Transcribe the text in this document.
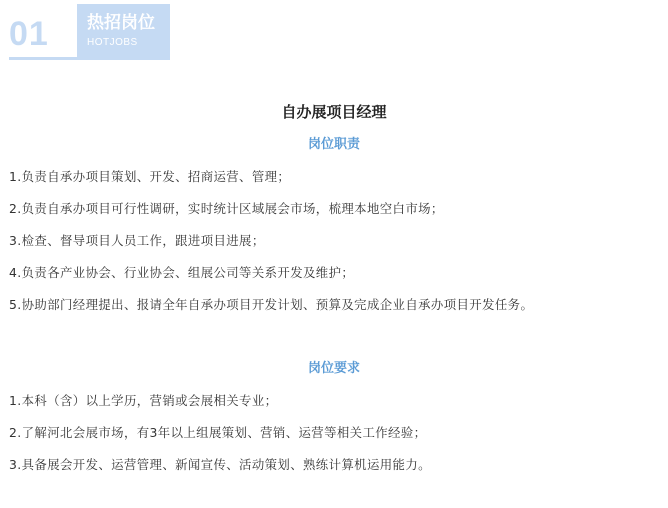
01 热招岗位
HOTJOBS
自办展项目经理
岗位职责
1.负责自承办项目策划、开发、招商运营、管理；
2.负责自承办项目可行性调研，实时统计区域展会市场，梳理本地空白市场；
3.检查、督导项目人员工作，跟进项目进展；
4.负责各产业协会、行业协会、组展公司等关系开发及维护；
5.协助部门经理提出、报请全年自承办项目开发计划、预算及完成企业自承办项目开发任务。
岗位要求
1.本科（含）以上学历，营销或会展相关专业；
2.了解河北会展市场，有3年以上组展策划、营销、运营等相关工作经验；
3.具备展会开发、运营管理、新闻宣传、活动策划、熟练计算机运用能力。
